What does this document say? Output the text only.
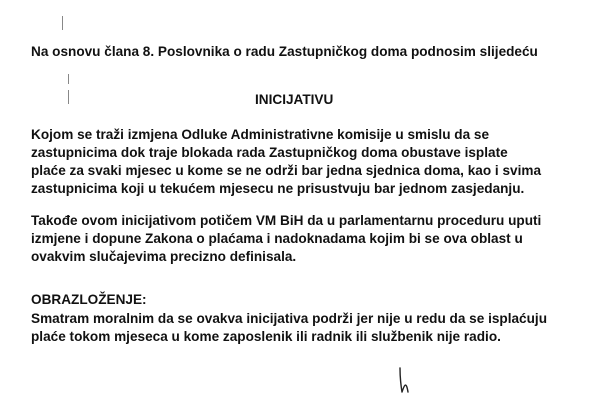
Na osnovu člana 8. Poslovnika o radu Zastupničkog doma podnosim slijedeću
INICIJATIVU
Kojom se traži izmjena Odluke Administrativne komisije u smislu da se
zastupnicima dok traje blokada rada Zastupničkog doma obustave isplate
plaće za svaki mjesec u kome se ne održi bar jedna sjednica doma, kao i svima
zastupnicima koji u tekućem mjesecu ne prisustvuju bar jednom zasjedanju.
Takođe ovom inicijativom potičem VM BiH da u parlamentarnu proceduru uputi
izmjene i dopune Zakona o plaćama i nadoknadama kojim bi se ova oblast u
ovakvim slučajevima precizno definisala.
OBRAZLOŽENJE:
Smatram moralnim da se ovakva inicijativa podrži jer nije u redu da se isplaćuju
plaće tokom mjeseca u kome zaposlenik ili radnik ili službenik nije radio.
